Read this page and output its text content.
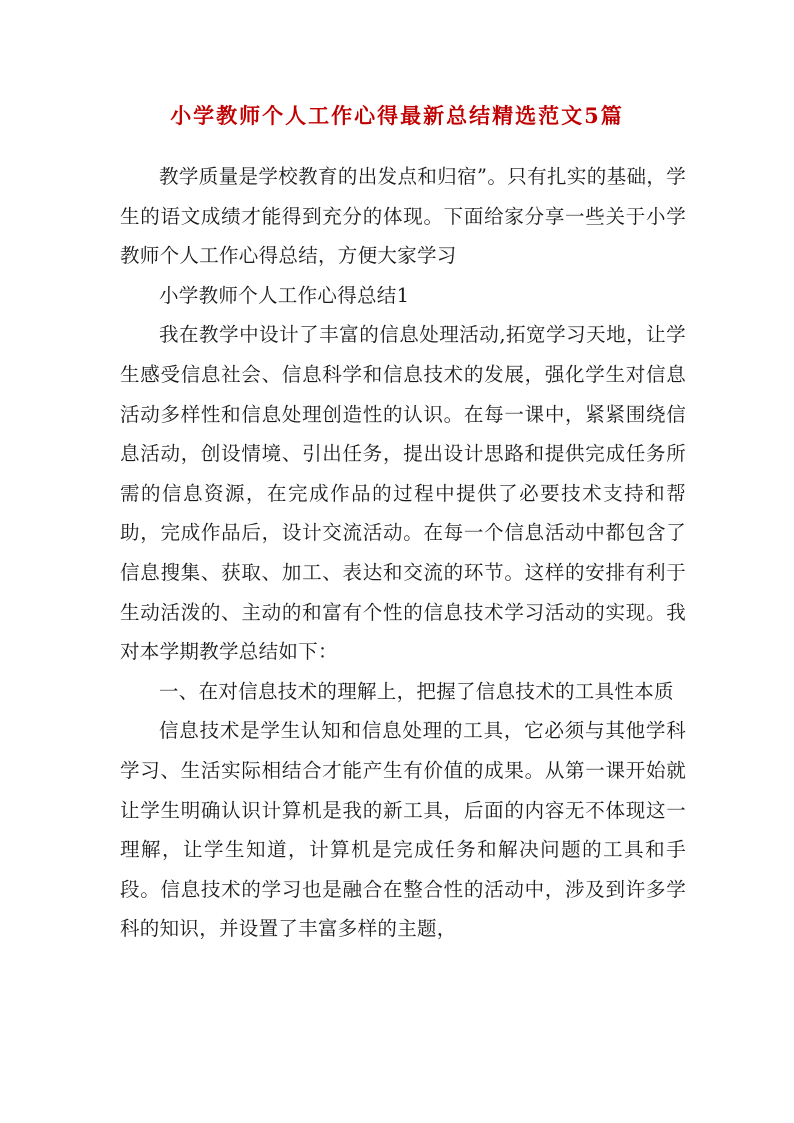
小学教师个人工作心得最新总结精选范文5篇

教学质量是学校教育的出发点和归宿”。只有扎实的基础，学生的语文成绩才能得到充分的体现。下面给家分享一些关于小学教师个人工作心得总结，方便大家学习

小学教师个人工作心得总结1

我在教学中设计了丰富的信息处理活动,拓宽学习天地，让学生感受信息社会、信息科学和信息技术的发展，强化学生对信息活动多样性和信息处理创造性的认识。在每一课中，紧紧围绕信息活动，创设情境、引出任务，提出设计思路和提供完成任务所需的信息资源，在完成作品的过程中提供了必要技术支持和帮助，完成作品后，设计交流活动。在每一个信息活动中都包含了信息搜集、获取、加工、表达和交流的环节。这样的安排有利于生动活泼的、主动的和富有个性的信息技术学习活动的实现。我对本学期教学总结如下：

一、在对信息技术的理解上，把握了信息技术的工具性本质

信息技术是学生认知和信息处理的工具，它必须与其他学科学习、生活实际相结合才能产生有价值的成果。从第一课开始就让学生明确认识计算机是我的新工具，后面的内容无不体现这一理解，让学生知道，计算机是完成任务和解决问题的工具和手段。信息技术的学习也是融合在整合性的活动中，涉及到许多学科的知识，并设置了丰富多样的主题，
